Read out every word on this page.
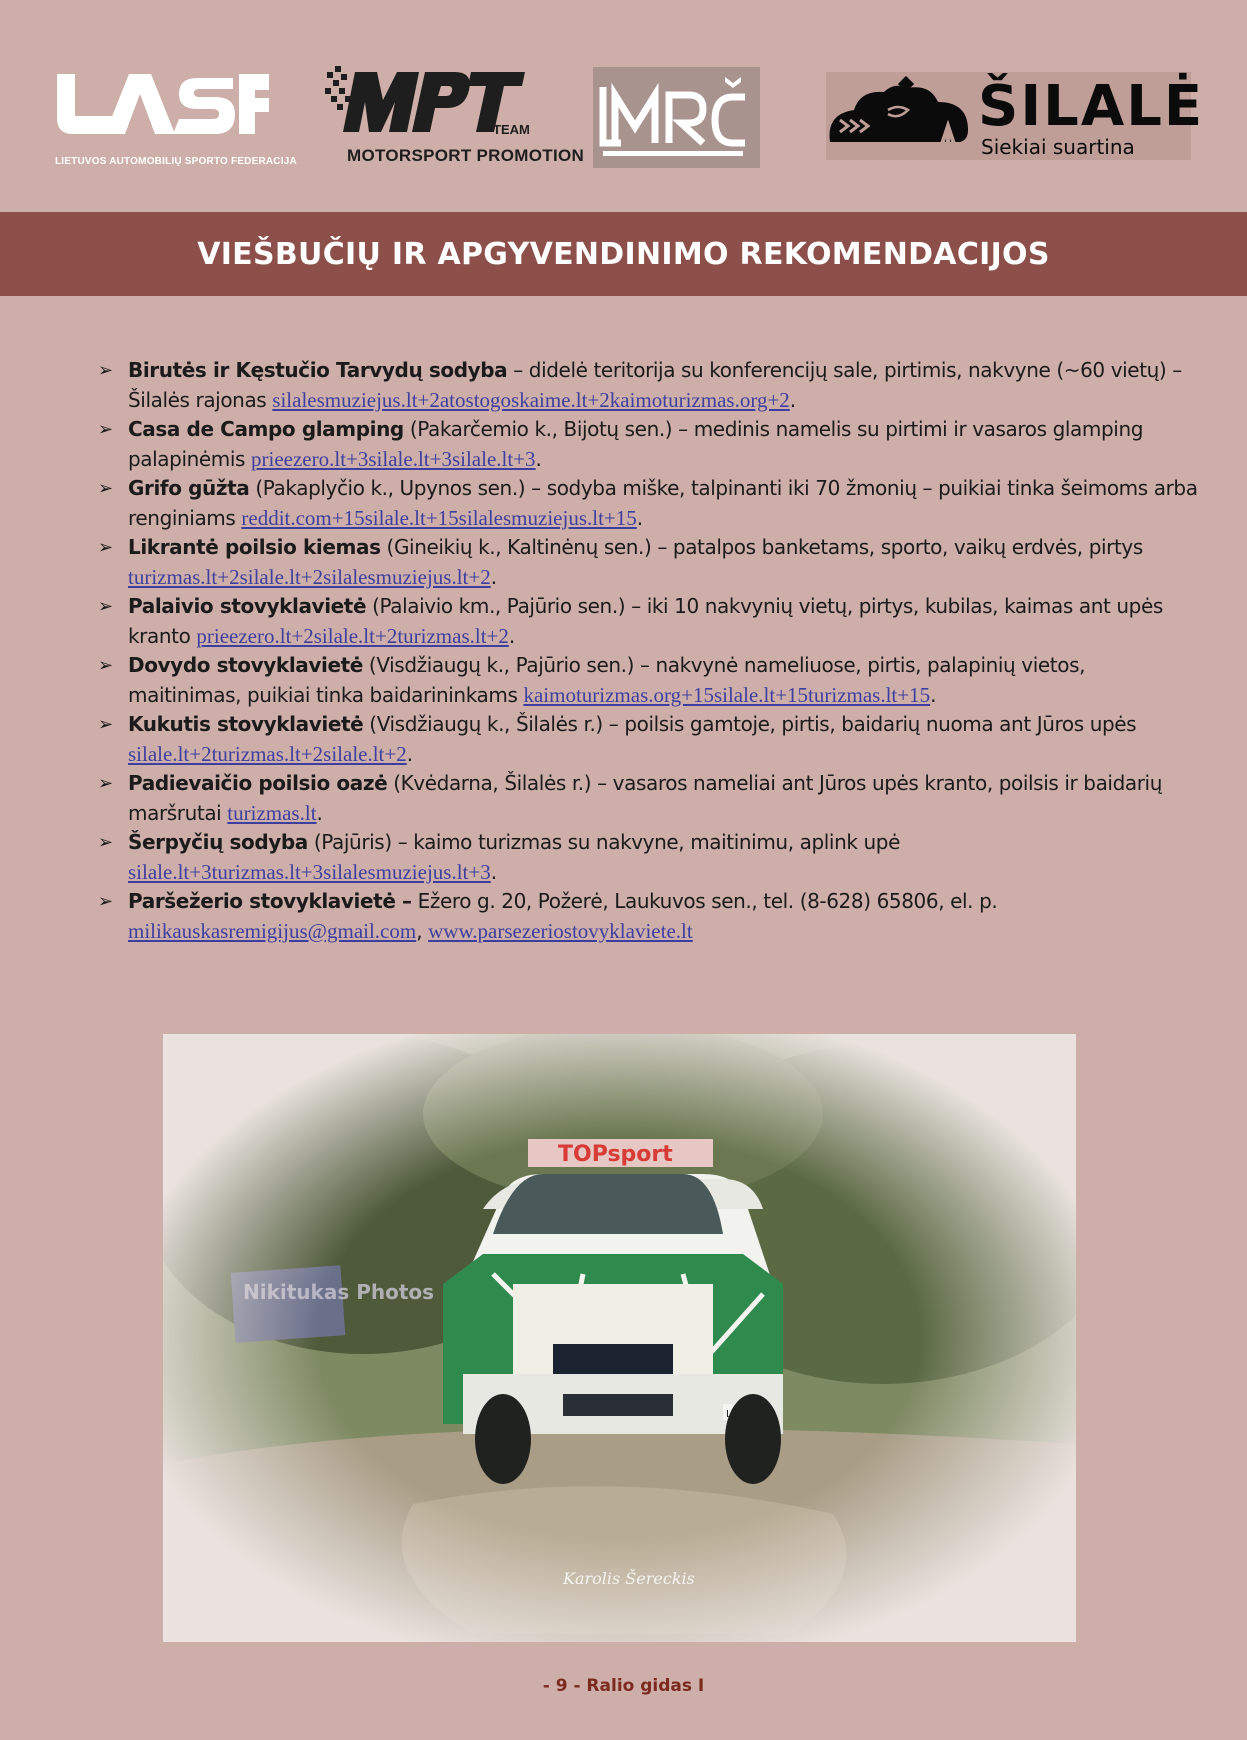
LIETUVOS AUTOMOBILIŲ SPORTO FEDERACIJA
TEAM
MOTORSPORT PROMOTION
ŠILALĖ
Siekiai suartina
VIEŠBUČIŲ IR APGYVENDINIMO REKOMENDACIJOS
➢ Birutės ir Kęstučio Tarvydų sodyba – didelė teritorija su konferencijų sale, pirtimis, nakvyne (~60 vietų) – Šilalės rajonas silalesmuziejus.lt+2atostogoskaime.lt+2kaimoturizmas.org+2.
➢ Casa de Campo glamping (Pakarčemio k., Bijotų sen.) – medinis namelis su pirtimi ir vasaros glamping palapinėmis prieezero.lt+3silale.lt+3silale.lt+3.
➢ Grifo gūžta (Pakaplyčio k., Upynos sen.) – sodyba miške, talpinanti iki 70 žmonių – puikiai tinka šeimoms arba renginiams reddit.com+15silale.lt+15silalesmuziejus.lt+15.
➢ Likrantė poilsio kiemas (Gineikių k., Kaltinėnų sen.) – patalpos banketams, sporto, vaikų erdvės, pirtys turizmas.lt+2silale.lt+2silalesmuziejus.lt+2.
➢ Palaivio stovyklavietė (Palaivio km., Pajūrio sen.) – iki 10 nakvynių vietų, pirtys, kubilas, kaimas ant upės kranto prieezero.lt+2silale.lt+2turizmas.lt+2.
➢ Dovydo stovyklavietė (Visdžiaugų k., Pajūrio sen.) – nakvynė nameliuose, pirtis, palapinių vietos, maitinimas, puikiai tinka baidarininkams kaimoturizmas.org+15silale.lt+15turizmas.lt+15.
➢ Kukutis stovyklavietė (Visdžiaugų k., Šilalės r.) – poilsis gamtoje, pirtis, baidarių nuoma ant Jūros upės silale.lt+2turizmas.lt+2silale.lt+2.
➢ Padievaičio poilsio oazė (Kvėdarna, Šilalės r.) – vasaros nameliai ant Jūros upės kranto, poilsis ir baidarių maršrutai turizmas.lt.
➢ Šerpyčių sodyba (Pajūris) – kaimo turizmas su nakvyne, maitinimu, aplink upė silale.lt+3turizmas.lt+3silalesmuziejus.lt+3.
➢ Paršežerio stovyklavietė – Ežero g. 20, Požerė, Laukuvos sen., tel. (8-628) 65806, el. p. milikauskasremigijus@gmail.com, www.parsezeriostovyklaviete.lt
Karolis Šereckis
- 9 - Ralio gidas I
